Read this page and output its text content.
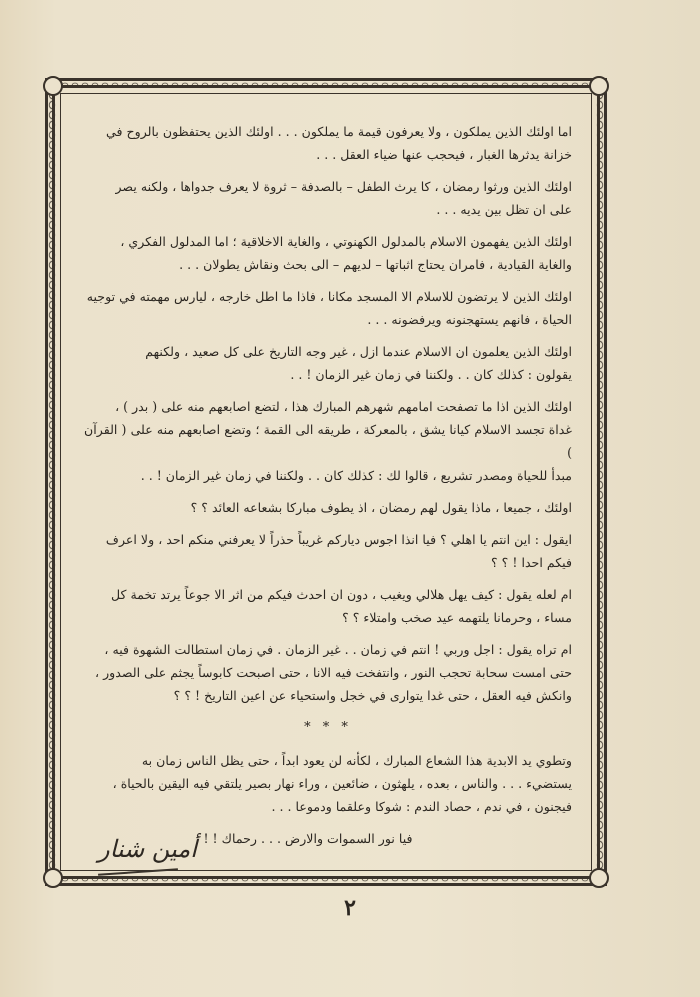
اما اولئك الذين يملكون ، ولا يعرفون قيمة ما يملكون . . . اولئك الذين يحتفظون بالروح في

خزانة يدثرها الغبار ، فيحجب عنها ضياء العقل . . .

اولئك الذين ورثوا رمضان ، كا يرث الطفل – بالصدفة – ثروة لا يعرف جدواها ، ولكنه يصر

على ان تظل بين يديه . . .

اولئك الذين يفهمون الاسلام بالمدلول الكهنوتي ، والغاية الاخلاقية ؛ اما المدلول الفكري ،

والغاية القيادية ، فامران يحتاج اثباتها – لديهم – الى بحث ونقاش يطولان . . .

اولئك الذين لا يرتضون للاسلام الا المسجد مكانا ، فاذا ما اطل خارجه ، ليارس مهمته في توجيه

الحياة ، فانهم يستهجنونه ويرفضونه . . .

اولئك الذين يعلمون ان الاسلام عندما ازل ، غير وجه التاريخ على كل صعيد ، ولكنهم

يقولون : كذلك كان . . ولكننا في زمان غير الزمان ! . .

اولئك الذين اذا ما تصفحت امامهم شهرهم المبارك هذا ، لتضع اصابعهم منه على ( بدر ) ،

غداة تجسد الاسلام كيانا يشق ، بالمعركة ، طريقه الى القمة ؛ وتضع اصابعهم منه على ( القرآن )

مبدأ للحياة ومصدر تشريع ، قالوا لك : كذلك كان . . ولكننا في زمان غير الزمان ! . .

اولئك ، جميعا ، ماذا يقول لهم رمضان ، اذ يطوف مباركا بشعاعه العائد ؟ ؟

ايقول : اين انتم يا اهلي ؟ فيا انذا اجوس دياركم غريباً حذراً لا يعرفني منكم احد ، ولا اعرف

فيكم احدا ! ؟ ؟

ام لعله يقول : كيف يهل هلالي ويغيب ، دون ان احدث فيكم من اثر الا جوعاً يرتد تخمة كل

مساء ، وحرمانا يلتهمه عيد صخب وامتلاء ؟ ؟

ام تراه يقول : اجل وربي ! انتم في زمان . . غير الزمان . في زمان استطالت الشهوة فيه ،

حتى امست سحابة تحجب النور ، وانتفخت فيه الانا ، حتى اصبحت كابوساً يجثم على الصدور ،

وانكش فيه العقل ، حتى غدا يتوارى في خجل واستحياء عن اعين التاريخ ! ؟ ؟

* * *

وتطوي يد الابدية هذا الشعاع المبارك ، لكأنه لن يعود ابداً ، حتى يظل الناس زمان به

يستضيء . . . والناس ، بعده ، يلهثون ، ضائعين ، وراء نهار بصير يلتقي فيه اليقين بالحياة ،

فيجنون ، في ندم ، حصاد الندم : شوكا وعلقما ودموعا . . .

فيا نور السموات والارض . . . رحماك ! !

أمين شنار
٢
